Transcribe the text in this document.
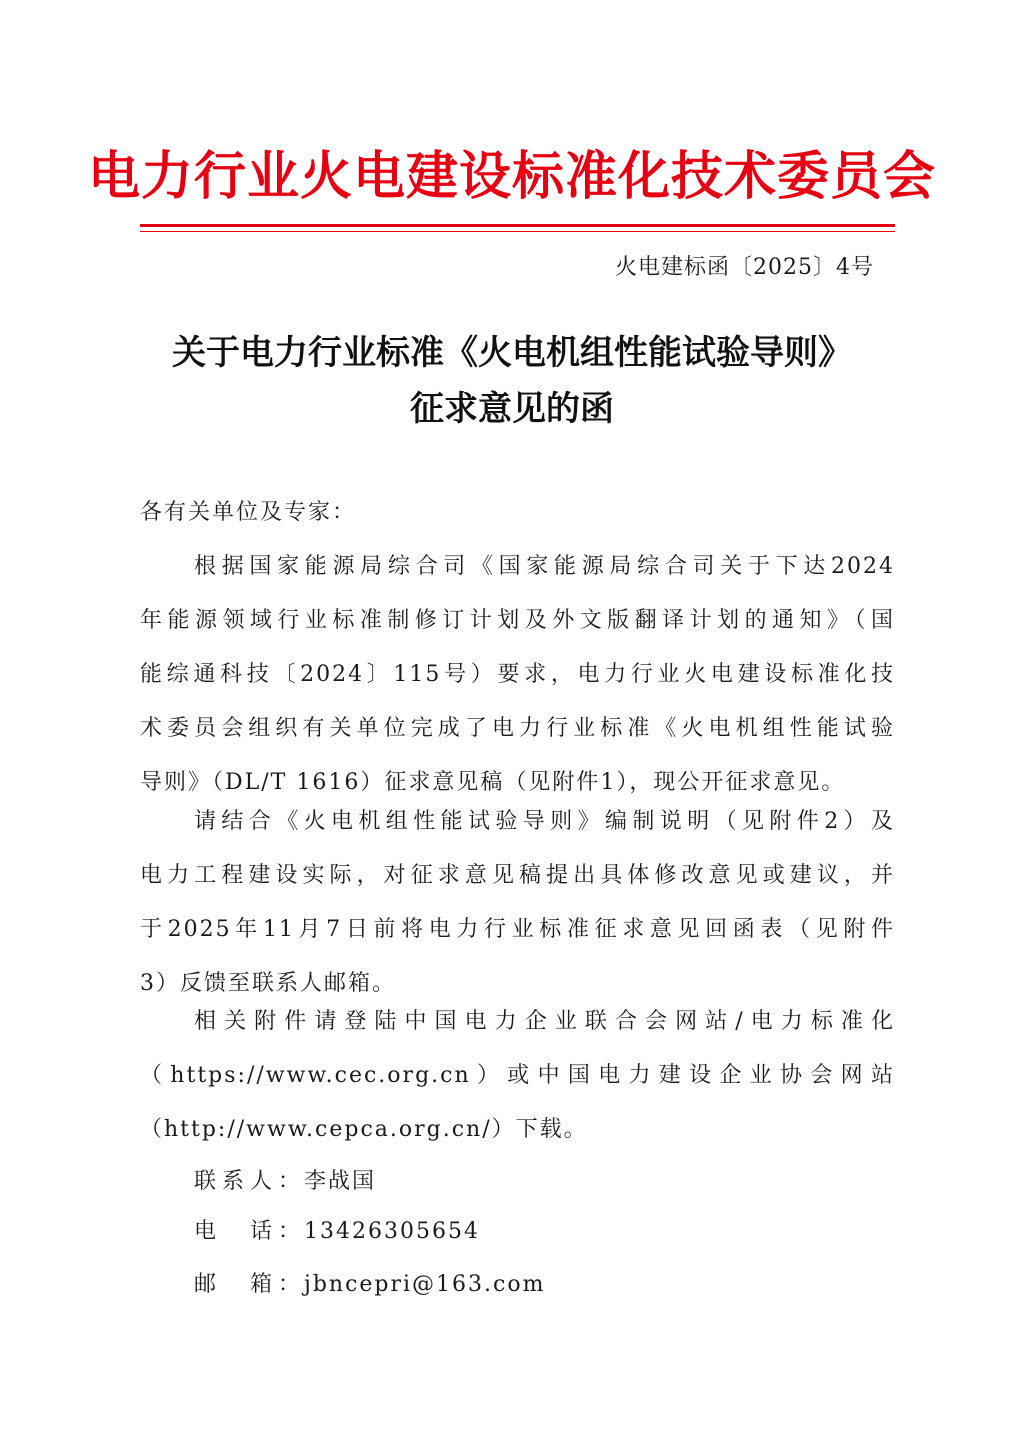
电力行业火电建设标准化技术委员会
火电建标函〔2025〕4号
关于电力行业标准《火电机组性能试验导则》
征求意见的函
各有关单位及专家：
根据国家能源局综合司《国家能源局综合司关于下达2024
年能源领域行业标准制修订计划及外文版翻译计划的通知》（国
能综通科技〔2024〕115号）要求，电力行业火电建设标准化技
术委员会组织有关单位完成了电力行业标准《火电机组性能试验
导则》（DL/T 1616）征求意见稿（见附件1），现公开征求意见。
请结合《火电机组性能试验导则》编制说明（见附件2）及
电力工程建设实际，对征求意见稿提出具体修改意见或建议，并
于2025年11月7日前将电力行业标准征求意见回函表（见附件
3）反馈至联系人邮箱。
相关附件请登陆中国电力企业联合会网站/电力标准化
（https://www.cec.org.cn）或中国电力建设企业协会网站
（http://www.cepca.org.cn/）下载。
联系人：李战国
电　话：13426305654
邮　箱：jbncepri@163.com
